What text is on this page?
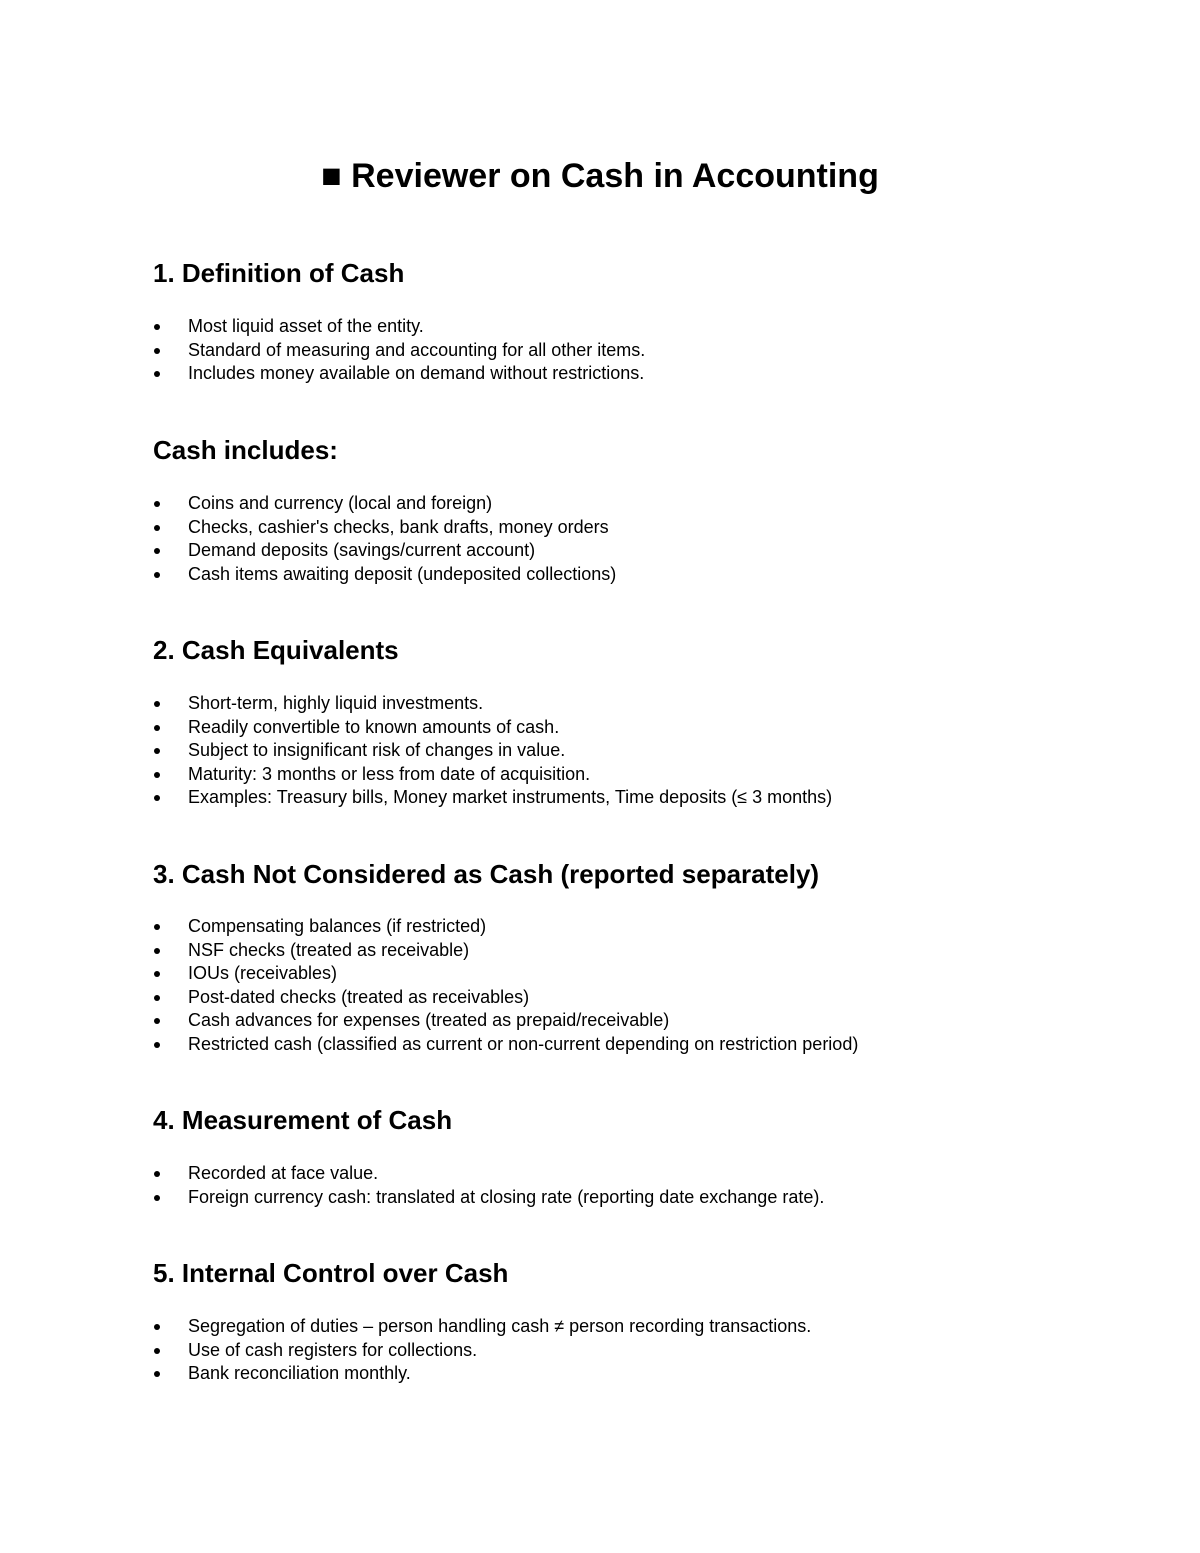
■ Reviewer on Cash in Accounting
1. Definition of Cash
Most liquid asset of the entity.
Standard of measuring and accounting for all other items.
Includes money available on demand without restrictions.
Cash includes:
Coins and currency (local and foreign)
Checks, cashier's checks, bank drafts, money orders
Demand deposits (savings/current account)
Cash items awaiting deposit (undeposited collections)
2. Cash Equivalents
Short-term, highly liquid investments.
Readily convertible to known amounts of cash.
Subject to insignificant risk of changes in value.
Maturity: 3 months or less from date of acquisition.
Examples: Treasury bills, Money market instruments, Time deposits (≤ 3 months)
3. Cash Not Considered as Cash (reported separately)
Compensating balances (if restricted)
NSF checks (treated as receivable)
IOUs (receivables)
Post-dated checks (treated as receivables)
Cash advances for expenses (treated as prepaid/receivable)
Restricted cash (classified as current or non-current depending on restriction period)
4. Measurement of Cash
Recorded at face value.
Foreign currency cash: translated at closing rate (reporting date exchange rate).
5. Internal Control over Cash
Segregation of duties – person handling cash ≠ person recording transactions.
Use of cash registers for collections.
Bank reconciliation monthly.
